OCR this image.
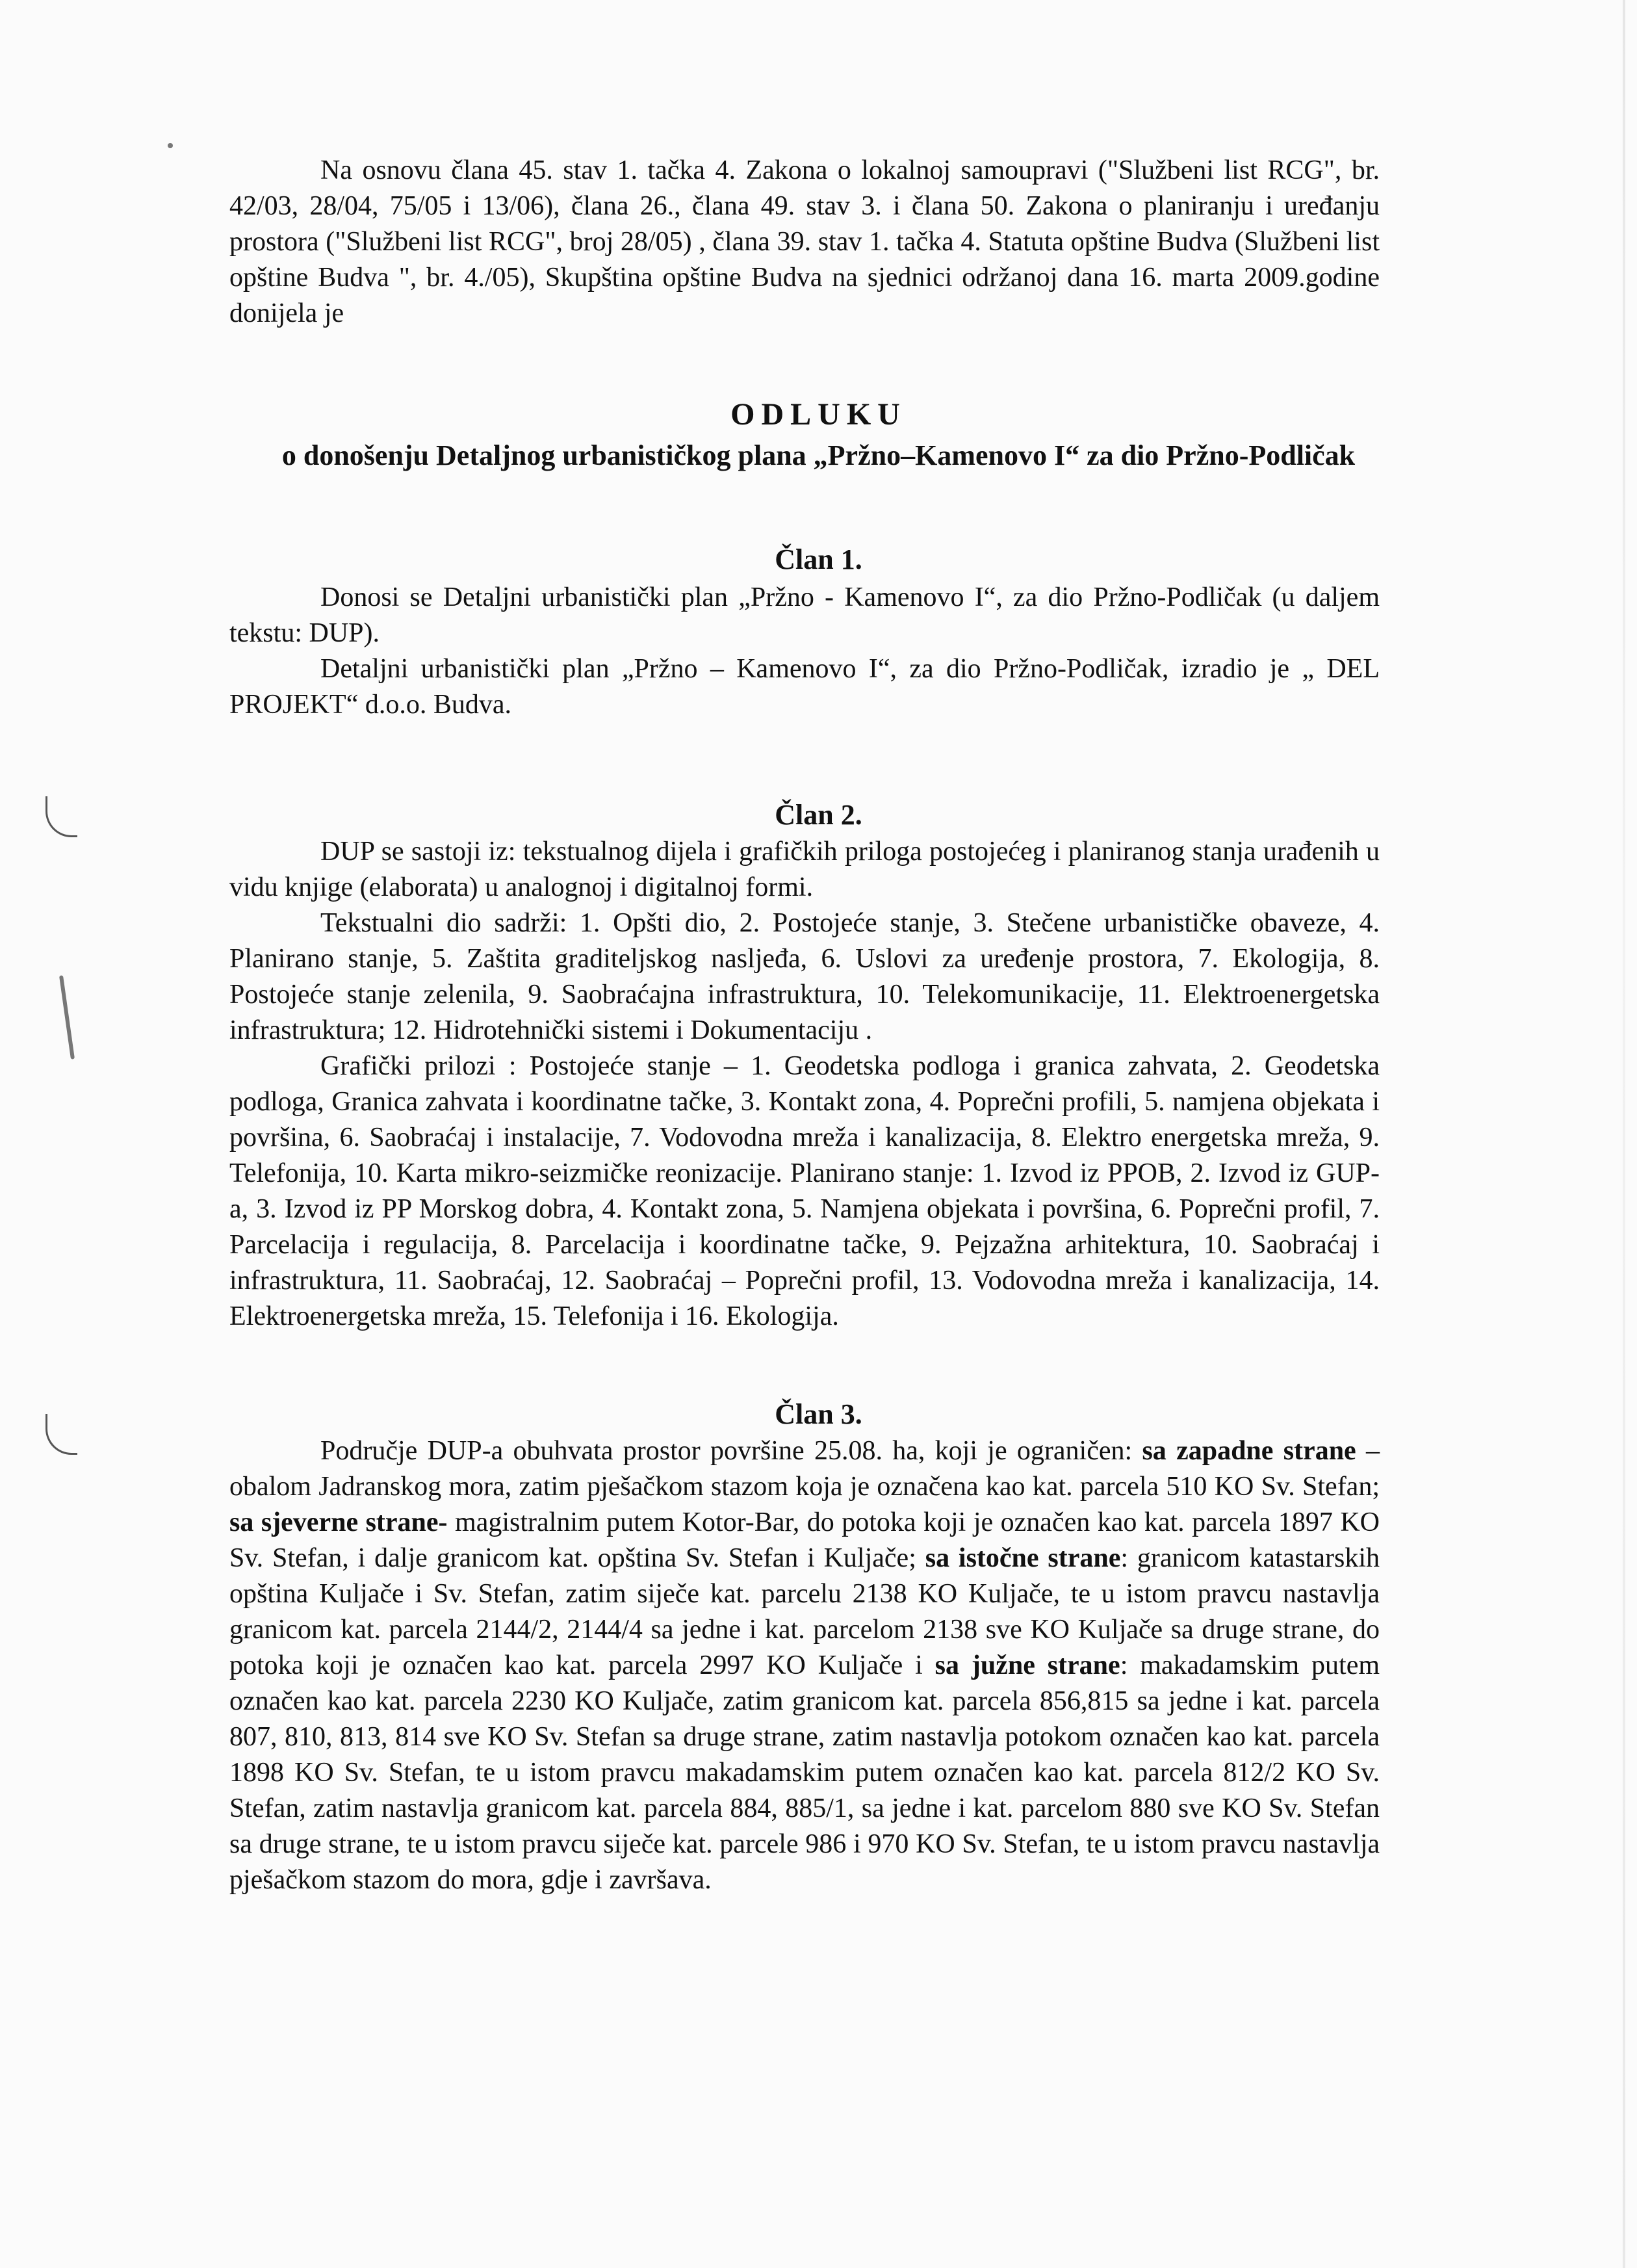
Na osnovu člana 45. stav 1. tačka 4. Zakona o lokalnoj samoupravi ("Službeni list RCG", br. 42/03, 28/04, 75/05 i 13/06), člana 26., člana 49. stav 3. i člana 50. Zakona o planiranju i uređanju prostora ("Službeni list RCG", broj 28/05) , člana 39. stav 1. tačka 4. Statuta opštine Budva (Službeni list opštine Budva ", br. 4./05), Skupština opštine Budva na sjednici održanoj dana 16. marta 2009.godine donijela je

ODLUKU
o donošenju Detaljnog urbanističkog plana „Pržno–Kamenovo I“ za dio Pržno-Podličak
Član 1.

Donosi se Detaljni urbanistički plan „Pržno - Kamenovo I“, za dio Pržno-Podličak (u daljem tekstu: DUP).

Detaljni urbanistički plan „Pržno – Kamenovo I“, za dio Pržno-Podličak, izradio je „ DEL PROJEKT“ d.o.o. Budva.

Član 2.

DUP se sastoji iz: tekstualnog dijela i grafičkih priloga postojećeg i planiranog stanja urađenih u vidu knjige (elaborata) u analognoj i digitalnoj formi.

Tekstualni dio sadrži: 1. Opšti dio, 2. Postojeće stanje, 3. Stečene urbanističke obaveze, 4. Planirano stanje, 5. Zaštita graditeljskog nasljeđa, 6. Uslovi za uređenje prostora, 7. Ekologija, 8. Postojeće stanje zelenila, 9. Saobraćajna infrastruktura, 10. Telekomunikacije, 11. Elektroenergetska infrastruktura; 12. Hidrotehnički sistemi i Dokumentaciju .

Grafički prilozi : Postojeće stanje – 1. Geodetska podloga i granica zahvata, 2. Geodetska podloga, Granica zahvata i koordinatne tačke, 3. Kontakt zona, 4. Poprečni profili, 5. namjena objekata i površina, 6. Saobraćaj i instalacije, 7. Vodovodna mreža i kanalizacija, 8. Elektro energetska mreža, 9. Telefonija, 10. Karta mikro-seizmičke reonizacije. Planirano stanje: 1. Izvod iz PPOB, 2. Izvod iz GUP-a, 3. Izvod iz PP Morskog dobra, 4. Kontakt zona, 5. Namjena objekata i površina, 6. Poprečni profil, 7. Parcelacija i regulacija, 8. Parcelacija i koordinatne tačke, 9. Pejzažna arhitektura, 10. Saobraćaj i infrastruktura, 11. Saobraćaj, 12. Saobraćaj – Poprečni profil, 13. Vodovodna mreža i kanalizacija, 14. Elektroenergetska mreža, 15. Telefonija i 16. Ekologija.

Član 3.

Područje DUP-a obuhvata prostor površine 25.08. ha, koji je ograničen: sa zapadne strane – obalom Jadranskog mora, zatim pješačkom stazom koja je označena kao kat. parcela 510 KO Sv. Stefan; sa sjeverne strane- magistralnim putem Kotor-Bar, do potoka koji je označen kao kat. parcela 1897 KO Sv. Stefan, i dalje granicom kat. opština Sv. Stefan i Kuljače; sa istočne strane: granicom katastarskih opština Kuljače i Sv. Stefan, zatim siječe kat. parcelu 2138 KO Kuljače, te u istom pravcu nastavlja granicom kat. parcela 2144/2, 2144/4 sa jedne i kat. parcelom 2138 sve KO Kuljače sa druge strane, do potoka koji je označen kao kat. parcela 2997 KO Kuljače i sa južne strane: makadamskim putem označen kao kat. parcela 2230 KO Kuljače, zatim granicom kat. parcela 856,815 sa jedne i kat. parcela 807, 810, 813, 814 sve KO Sv. Stefan sa druge strane, zatim nastavlja potokom označen kao kat. parcela 1898 KO Sv. Stefan, te u istom pravcu makadamskim putem označen kao kat. parcela 812/2 KO Sv. Stefan, zatim nastavlja granicom kat. parcela 884, 885/1, sa jedne i kat. parcelom 880 sve KO Sv. Stefan sa druge strane, te u istom pravcu siječe kat. parcele 986 i 970 KO Sv. Stefan, te u istom pravcu nastavlja pješačkom stazom do mora, gdje i završava.
